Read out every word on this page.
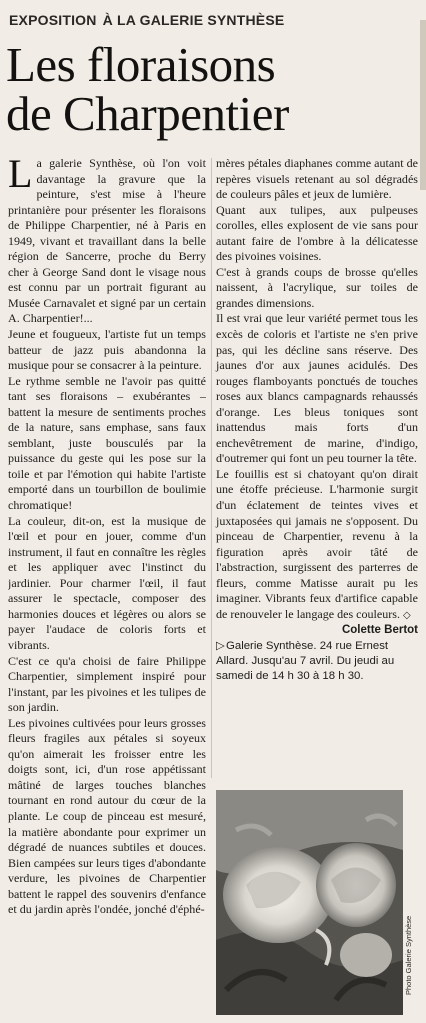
EXPOSITION À LA GALERIE SYNTHÈSE
Les floraisons
de Charpentier

La galerie Synthèse, où l'on voit davantage la gravure que la peinture, s'est mise à l'heure printanière pour présenter les floraisons de Philippe Charpentier, né à Paris en 1949, vivant et travaillant dans la belle région de Sancerre, proche du Berry cher à George Sand dont le visage nous est connu par un portrait figurant au Musée Carnavalet et signé par un certain A. Charpentier!...

Jeune et fougueux, l'artiste fut un temps batteur de jazz puis abandonna la musique pour se consacrer à la peinture.

Le rythme semble ne l'avoir pas quitté tant ses floraisons – exubérantes – battent la mesure de sentiments proches de la nature, sans emphase, sans faux semblant, juste bousculés par la puissance du geste qui les pose sur la toile et par l'émotion qui habite l'artiste emporté dans un tourbillon de boulimie chromatique!

La couleur, dit-on, est la musique de l'œil et pour en jouer, comme d'un instrument, il faut en connaître les règles et les appliquer avec l'instinct du jardinier. Pour charmer l'œil, il faut assurer le spectacle, composer des harmonies douces et légères ou alors se payer l'audace de coloris forts et vibrants.

C'est ce qu'a choisi de faire Philippe Charpentier, simplement inspiré pour l'instant, par les pivoines et les tulipes de son jardin.

Les pivoines cultivées pour leurs grosses fleurs fragiles aux pétales si soyeux qu'on aimerait les froisser entre les doigts sont, ici, d'un rose appétissant mâtiné de larges touches blanches tournant en rond autour du cœur de la plante. Le coup de pinceau est mesuré, la matière abondante pour exprimer un dégradé de nuances subtiles et douces. Bien campées sur leurs tiges d'abondante verdure, les pivoines de Charpentier battent le rappel des souvenirs d'enfance et du jardin après l'ondée, jonché d'éphé-

mères pétales diaphanes comme autant de repères visuels retenant au sol dégradés de couleurs pâles et jeux de lumière.

Quant aux tulipes, aux pulpeuses corolles, elles explosent de vie sans pour autant faire de l'ombre à la délicatesse des pivoines voisines.

C'est à grands coups de brosse qu'elles naissent, à l'acrylique, sur toiles de grandes dimensions.

Il est vrai que leur variété permet tous les excès de coloris et l'artiste ne s'en prive pas, qui les décline sans réserve. Des jaunes d'or aux jaunes acidulés. Des rouges flamboyants ponctués de touches roses aux blancs campagnards rehaussés d'orange. Les bleus toniques sont inattendus mais forts d'un enchevêtrement de marine, d'indigo, d'outremer qui font un peu tourner la tête.

Le fouillis est si chatoyant qu'on dirait une étoffe précieuse. L'harmonie surgit d'un éclatement de teintes vives et juxtaposées qui jamais ne s'opposent. Du pinceau de Charpentier, revenu à la figuration après avoir tâté de l'abstraction, surgissent des parterres de fleurs, comme Matisse aurait pu les imaginer. Vibrants feux d'artifice capable de renouveler le langage des couleurs. ◇

Colette Bertot

▷Galerie Synthèse. 24 rue Ernest Allard. Jusqu'au 7 avril. Du jeudi au samedi de 14 h 30 à 18 h 30.

Photo Galerie Synthèse
